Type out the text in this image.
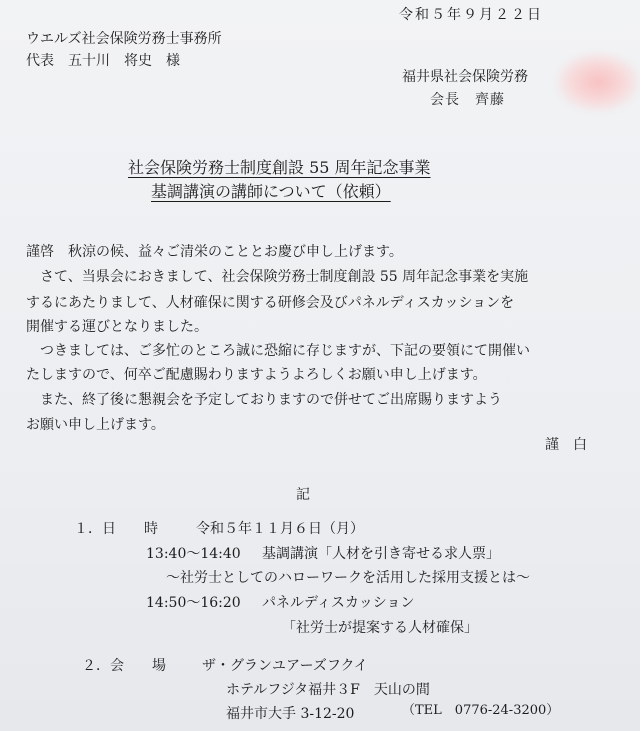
令和５年９月２２日
ウエルズ社会保険労務士事務所
代表　五十川　将史　様
福井県社会保険労務
会長　齊藤　
社会保険労務士制度創設 55 周年記念事業
基調講演の講師について（依頼）
謹啓　秋涼の候、益々ご清栄のこととお慶び申し上げます。
　さて、当県会におきまして、社会保険労務士制度創設 55 周年記念事業を実施
するにあたりまして、人材確保に関する研修会及びパネルディスカッションを
開催する運びとなりました。
　つきましては、ご多忙のところ誠に恐縮に存じますが、下記の要領にて開催い
たしますので、何卒ご配慮賜わりますようよろしくお願い申し上げます。
　また、終了後に懇親会を予定しておりますので併せてご出席賜りますよう
お願い申し上げます。
謹　白
記
１．日　　時	令和５年１１月６日（月）
13:40～14:40 基調講演「人材を引き寄せる求人票」
～社労士としてのハローワークを活用した採用支援とは～
14:50～16:20 パネルディスカッション
「社労士が提案する人材確保」
２．会　　場	ザ・グランユアーズフクイ
ホテルフジタ福井３F　天山の間
福井市大手 3-12-20	（TEL　0776-24-3200）
